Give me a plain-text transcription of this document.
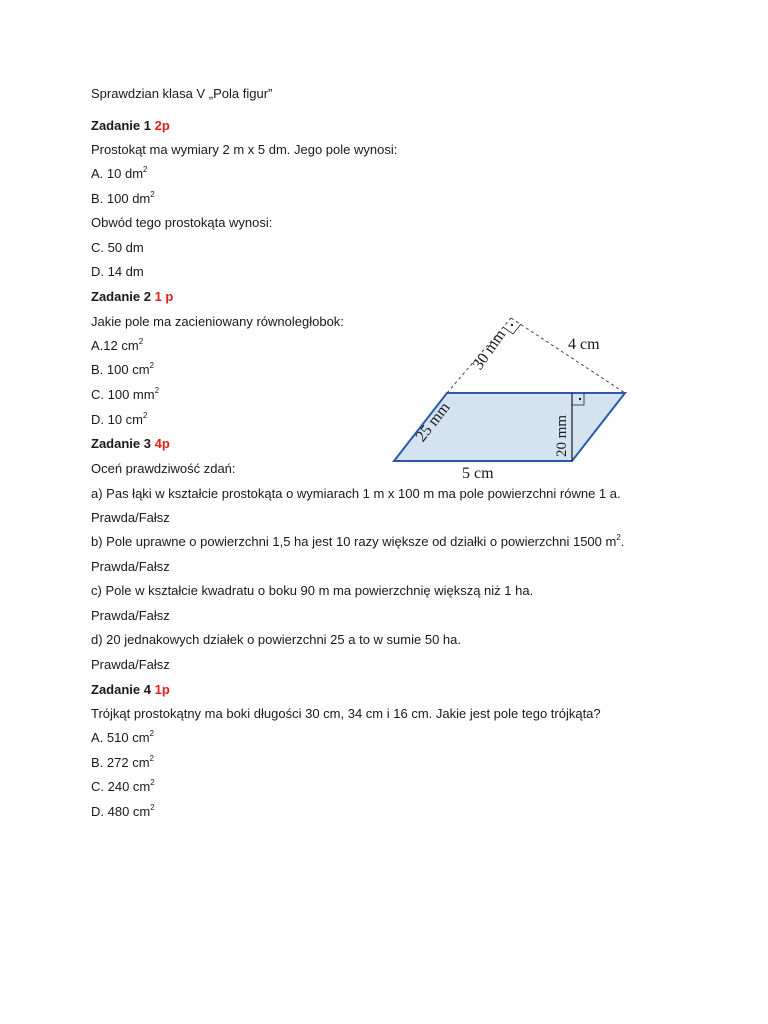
Sprawdzian klasa V „Pola figur”
Zadanie 1 2p
Prostokąt ma wymiary 2 m x 5 dm. Jego pole wynosi:
A. 10 $dm^2$
B. 100 $dm^2$
Obwód tego prostokąta wynosi:
C. 50 dm
D. 14 dm
Zadanie 2 1 p
Jakie pole ma zacieniowany równoległobok:
A.12 $cm^2$
B. 100 $cm^2$
C. 100 $mm^2$
D. 10 $cm^2$
30 mm	4 cm
25 mm	20 mm
5 cm
Zadanie 3 4p
Oceń prawdziwość zdań:
a) Pas łąki w kształcie prostokąta o wymiarach 1 m x 100 m ma pole powierzchni równe 1 a.
Prawda/Fałsz
b) Pole uprawne o powierzchni 1,5 ha jest 10 razy większe od działki o powierzchni 1500 $m^2$.
Prawda/Fałsz
c) Pole w kształcie kwadratu o boku 90 m ma powierzchnię większą niż 1 ha.
Prawda/Fałsz
d) 20 jednakowych działek o powierzchni 25 a to w sumie 50 ha.
Prawda/Fałsz
Zadanie 4 1p
Trójkąt prostokątny ma boki długości 30 cm, 34 cm i 16 cm. Jakie jest pole tego trójkąta?
A. 510 $cm^2$
B. 272 $cm^2$
C. 240 $cm^2$
D. 480 $cm^2$
